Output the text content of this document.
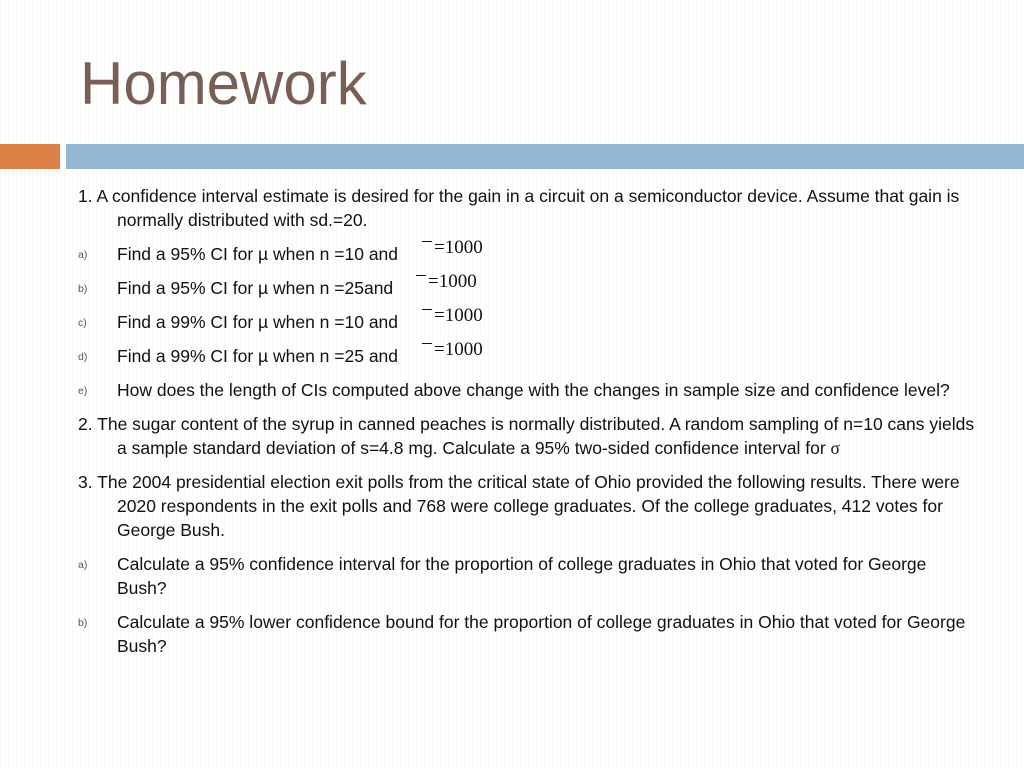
Homework

1. A confidence interval estimate is desired for the gain in a circuit on a semiconductor device. Assume that gain is normally distributed with sd.=20.

a) Find a 95% CI for µ when n =10 and	=1000
b) Find a 95% CI for µ when n =25and	=1000
c) Find a 99% CI for µ when n =10 and	=1000
d) Find a 99% CI for µ when n =25 and	=1000
e) How does the length of CIs computed above change with the changes in sample size and confidence level?

2. The sugar content of the syrup in canned peaches is normally distributed. A random sampling of n=10 cans yields a sample standard deviation of s=4.8 mg. Calculate a 95% two-sided confidence interval for σ

3. The 2004 presidential election exit polls from the critical state of Ohio provided the following results. There were 2020 respondents in the exit polls and 768 were college graduates. Of the college graduates, 412 votes for George Bush.

a) Calculate a 95% confidence interval for the proportion of college graduates in Ohio that voted for George Bush?
b) Calculate a 95% lower confidence bound for the proportion of college graduates in Ohio that voted for George Bush?
